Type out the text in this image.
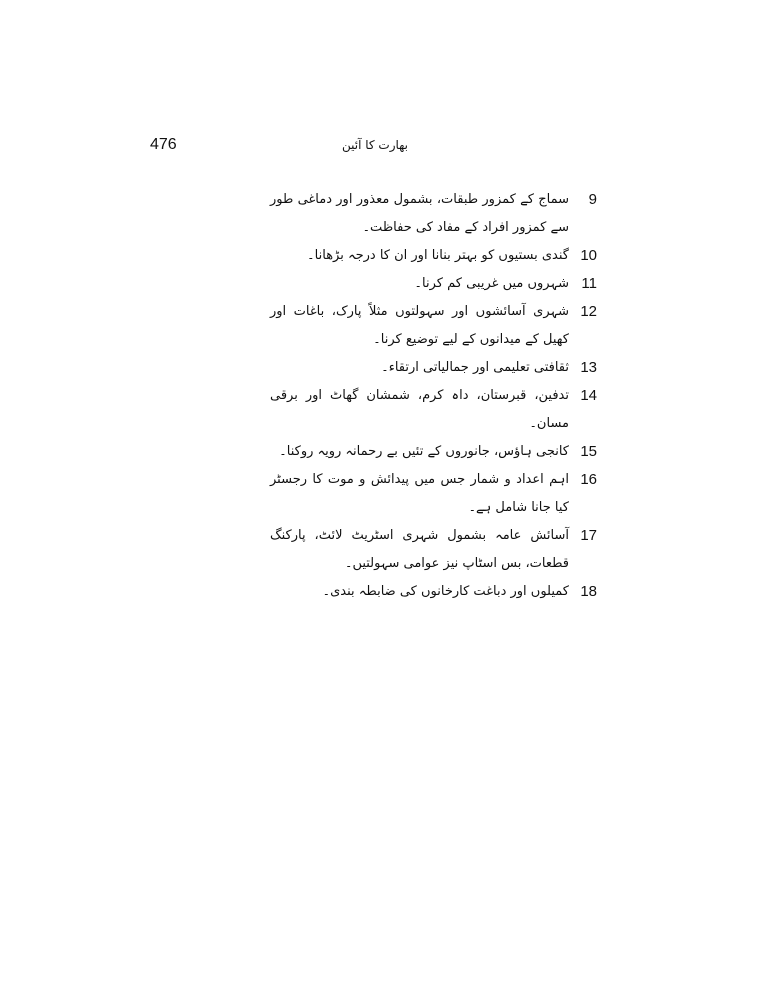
476	بھارت کا آئین
9
سماج کے کمزور طبقات، بشمول معذور اور دماغی طور سے کمزور افراد کے مفاد کی حفاظت۔
10
گندی بستیوں کو بہتر بنانا اور ان کا درجہ بڑھانا۔
11
شہروں میں غریبی کم کرنا۔
12
شہری آسائشوں اور سہولتوں مثلاً پارک، باغات اور کھیل کے میدانوں کے لیے توضیع کرنا۔
13
ثقافتی تعلیمی اور جمالیاتی ارتقاء۔
14
تدفین، قبرستان، داہ کرم، شمشان گھاٹ اور برقی مسان۔
15
کانجی ہاؤس، جانوروں کے تئیں بے رحمانہ رویہ روکنا۔
16
اہم اعداد و شمار جس میں پیدائش و موت کا رجسٹر کیا جانا شامل ہے۔
17
آسائش عامہ بشمول شہری اسٹریٹ لائٹ، پارکنگ قطعات، بس اسٹاپ نیز عوامی سہولتیں۔
18
کمیلوں اور دباغت کارخانوں کی ضابطہ بندی۔
